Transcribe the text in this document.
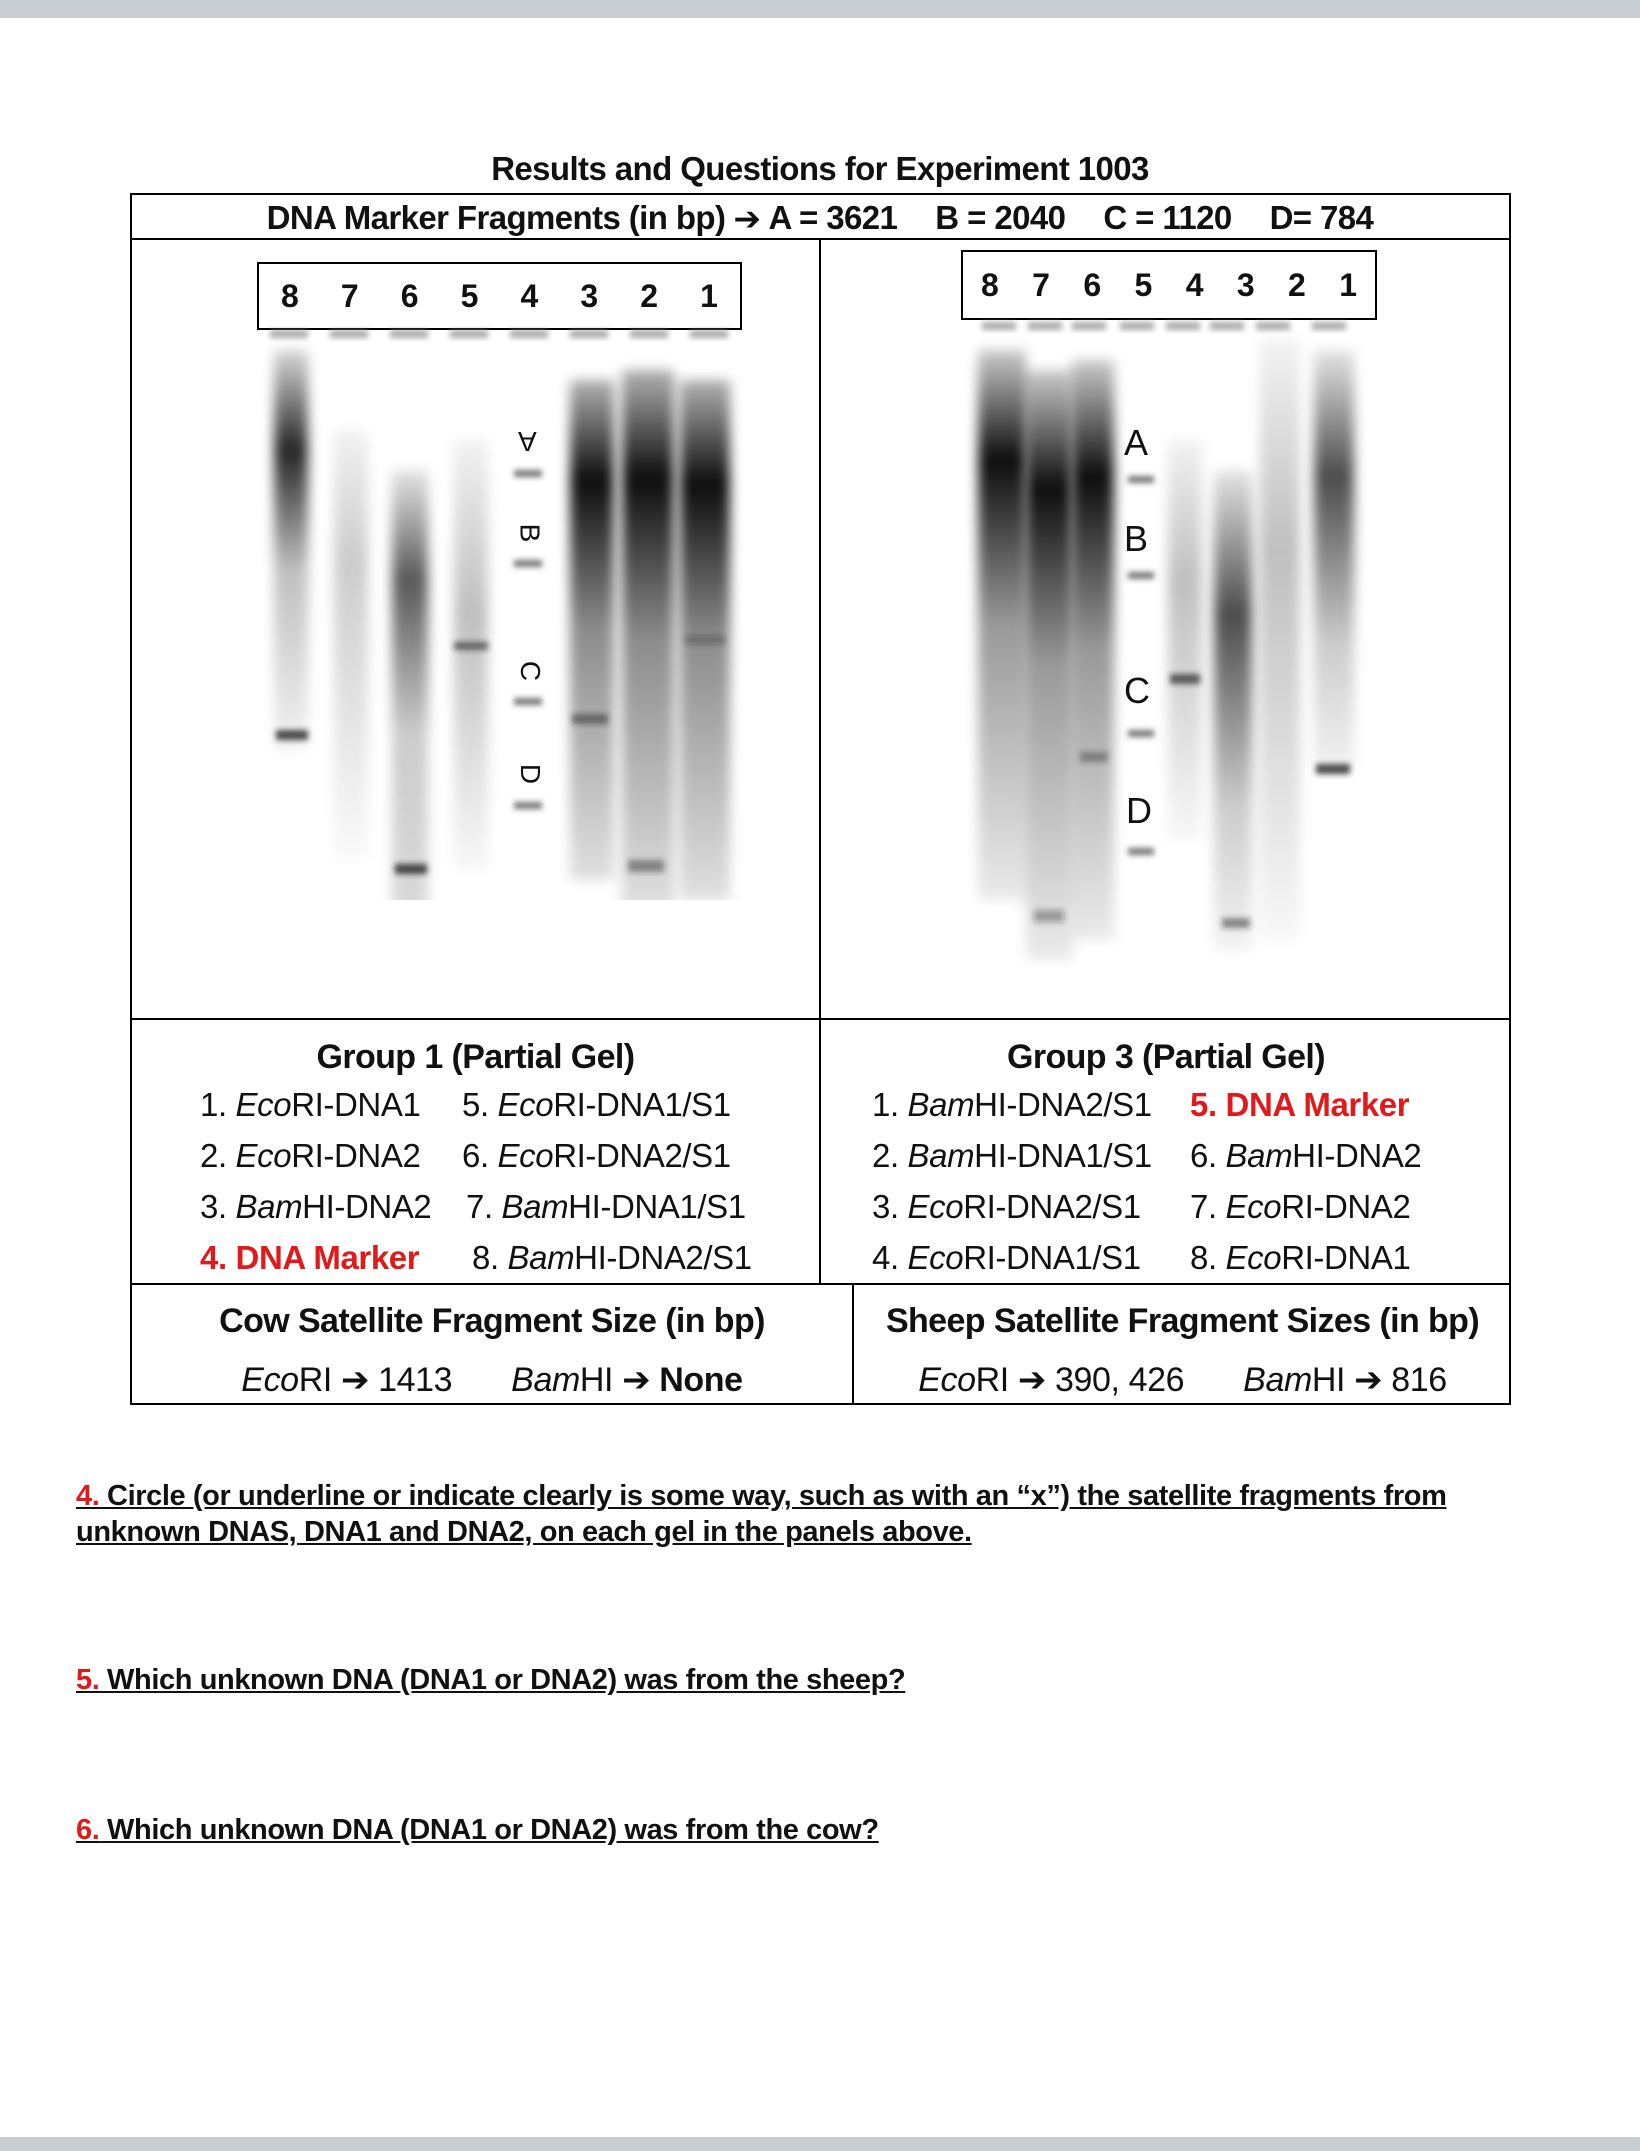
Results and Questions for Experiment 1003
DNA Marker Fragments (in bp) ➔ A = 3621 B = 2040 C = 1120 D= 784
8 7 6 5 4 3 2 1	8 7 6 5 4 3 2 1
A
B
C
D
A
B
C
D
Group 1 (Partial Gel)
1. EcoRI-DNA1
2. EcoRI-DNA2
3. BamHI-DNA2
4. DNA Marker
5. EcoRI-DNA1/S1
6. EcoRI-DNA2/S1
7. BamHI-DNA1/S1
8. BamHI-DNA2/S1
Group 3 (Partial Gel)
1. BamHI-DNA2/S1
2. BamHI-DNA1/S1
3. EcoRI-DNA2/S1
4. EcoRI-DNA1/S1
5. DNA Marker
6. BamHI-DNA2
7. EcoRI-DNA2
8. EcoRI-DNA1
Cow Satellite Fragment Size (in bp)
EcoRI ➔ 1413 BamHI ➔ None
Sheep Satellite Fragment Sizes (in bp)
EcoRI ➔ 390, 426 BamHI ➔ 816
4. Circle (or underline or indicate clearly is some way, such as with an “x”) the satellite fragments from unknown DNAS, DNA1 and DNA2, on each gel in the panels above.
5. Which unknown DNA (DNA1 or DNA2) was from the sheep?
6. Which unknown DNA (DNA1 or DNA2) was from the cow?
